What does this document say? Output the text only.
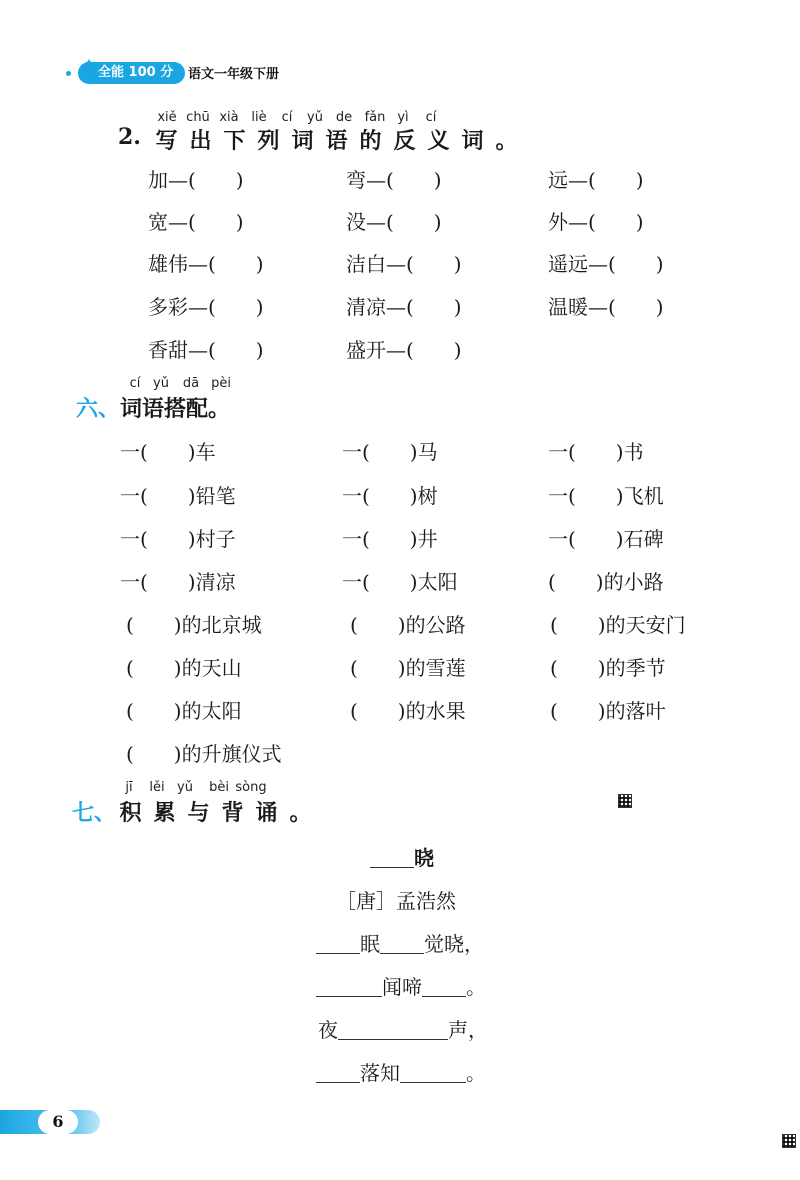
全能 100 分
✦
语文一年级下册
xiě chū xià liè	cí	yǔ de fǎn yì	cí
2. 写 出 下 列 词 语 的 反 义 词 。
加—(　　)	弯—(　　)	远—(　　)
宽—(　　)	没—(　　)	外—(　　)
雄伟—(　　)	洁白—(　　)	遥远—(　　)
多彩—(　　)	清凉—(　　)	温暖—(　　)
香甜—(　　)	盛开—(　　)
cí yǔ	dā pèi
六、 词语搭配。
一(　　)车	一(　　)马	一(　　)书
一(　　)铅笔	一(　　)树	一(　　)飞机
一(　　)村子	一(　　)井	一(　　)石碑
一(　　)清凉	一(　　)太阳	(　　)的小路
(　　)的北京城	(　　)的公路	(　　)的天安门
(　　)的天山	(　　)的雪莲	(　　)的季节
(　　)的太阳	(　　)的水果	(　　)的落叶
(　　)的升旗仪式
jī	lěi yǔ	bèi sòng
七、 积 累 与 背 诵 。
晓
［唐］孟浩然
眠 觉晓，
闻啼 。
夜	声，
落知	。
6
